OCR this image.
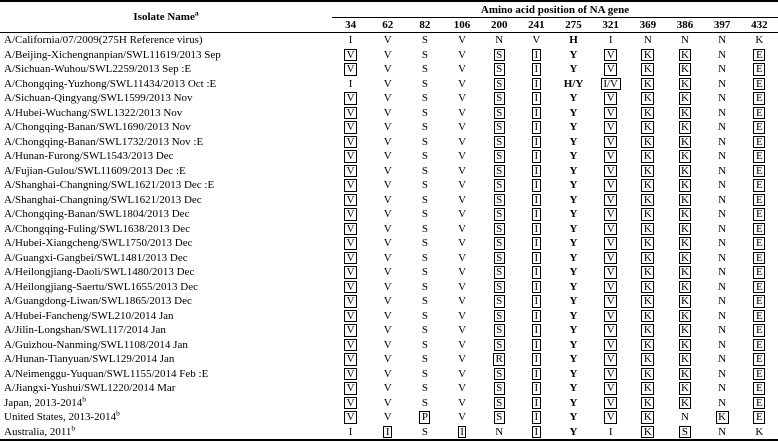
Isolate Name$^a$	Amino acid position of NA gene											
	34	62	82	106	200	241	275	321	369	386	397	432
A/California/07/2009(275H Reference virus)	I	V	S	V	N	V	H	I	N	N	N	K
A/Beijing-Xichengnanpian/SWL11619/2013 Sep	V	V	S	V	S	I	Y	V	K	K	N	E
A/Sichuan-Wuhou/SWL2259/2013 Sep :E	V	V	S	V	S	I	Y	V	K	K	N	E
A/Chongqing-Yuzhong/SWL11434/2013 Oct :E	I	V	S	V	S	I	H/Y	I/V	K	K	N	E
A/Sichuan-Qingyang/SWL1599/2013 Nov	V	V	S	V	S	I	Y	V	K	K	N	E
A/Hubei-Wuchang/SWL1322/2013 Nov	V	V	S	V	S	I	Y	V	K	K	N	E
A/Chongqing-Banan/SWL1690/2013 Nov	V	V	S	V	S	I	Y	V	K	K	N	E
A/Chongqing-Banan/SWL1732/2013 Nov :E	V	V	S	V	S	I	Y	V	K	K	N	E
A/Hunan-Furong/SWL1543/2013 Dec	V	V	S	V	S	I	Y	V	K	K	N	E
A/Fujian-Gulou/SWL11609/2013 Dec :E	V	V	S	V	S	I	Y	V	K	K	N	E
A/Shanghai-Changning/SWL1621/2013 Dec :E	V	V	S	V	S	I	Y	V	K	K	N	E
A/Shanghai-Changning/SWL1621/2013 Dec	V	V	S	V	S	I	Y	V	K	K	N	E
A/Chongqing-Banan/SWL1804/2013 Dec	V	V	S	V	S	I	Y	V	K	K	N	E
A/Chongqing-Fuling/SWL1638/2013 Dec	V	V	S	V	S	I	Y	V	K	K	N	E
A/Hubei-Xiangcheng/SWL1750/2013 Dec	V	V	S	V	S	I	Y	V	K	K	N	E
A/Guangxi-Gangbei/SWL1481/2013 Dec	V	V	S	V	S	I	Y	V	K	K	N	E
A/Heilongjiang-Daoli/SWL1480/2013 Dec	V	V	S	V	S	I	Y	V	K	K	N	E
A/Heilongjiang-Saertu/SWL1655/2013 Dec	V	V	S	V	S	I	Y	V	K	K	N	E
A/Guangdong-Liwan/SWL1865/2013 Dec	V	V	S	V	S	I	Y	V	K	K	N	E
A/Hubei-Fancheng/SWL210/2014 Jan	V	V	S	V	S	I	Y	V	K	K	N	E
A/Jilin-Longshan/SWL117/2014 Jan	V	V	S	V	S	I	Y	V	K	K	N	E
A/Guizhou-Nanming/SWL1108/2014 Jan	V	V	S	V	S	I	Y	V	K	K	N	E
A/Hunan-Tianyuan/SWL129/2014 Jan	V	V	S	V	R	I	Y	V	K	K	N	E
A/Neimenggu-Yuquan/SWL1155/2014 Feb :E	V	V	S	V	S	I	Y	V	K	K	N	E
A/Jiangxi-Yushui/SWL1220/2014 Mar	V	V	S	V	S	I	Y	V	K	K	N	E
Japan, 2013-2014$^b$	V	V	S	V	S	I	Y	V	K	K	N	E
United States, 2013-2014$^b$	V	V	P	V	S	I	Y	V	K	N	K	E
Australia, 2011$^b$	I	I	S	I	N	I	Y	I	K	S	N	K
